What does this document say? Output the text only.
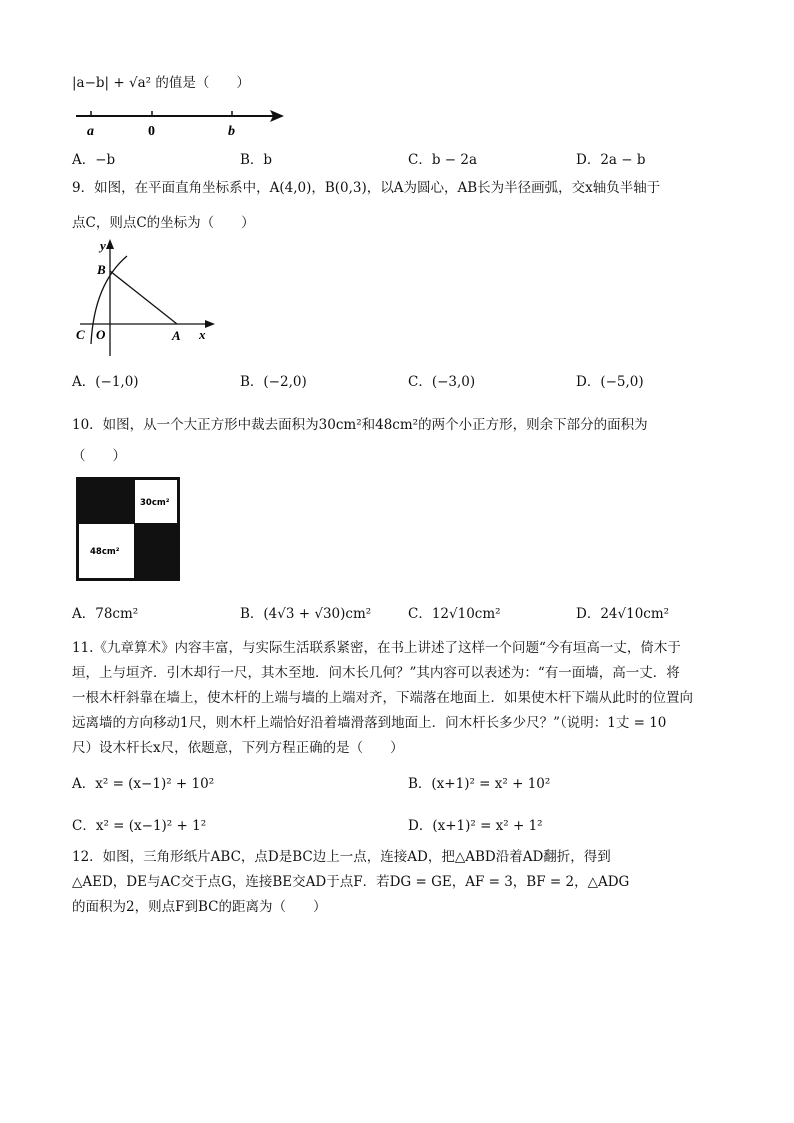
|a−b| + √a² 的值是（　　）
a	0	b
A．−b	B．b	C．b − 2a	D．2a − b
9．如图，在平面直角坐标系中，A(4,0)，B(0,3)，以A为圆心，AB长为半径画弧，交x轴负半轴于
点C，则点C的坐标为（　　）
y
B
C O	A x
A．(−1,0)	B．(−2,0)	C．(−3,0)	D．(−5,0)
10．如图，从一个大正方形中裁去面积为30cm²和48cm²的两个小正方形，则余下部分的面积为
（　　）
30cm²
48cm²
A．78cm²	B．(4√3 + √30)cm²	C．12√10cm²	D．24√10cm²
11.《九章算术》内容丰富，与实际生活联系紧密，在书上讲述了这样一个问题“今有垣高一丈，倚木于
垣，上与垣齐．引木却行一尺，其木至地．问木长几何？”其内容可以表述为：“有一面墙，高一丈．将
一根木杆斜靠在墙上，使木杆的上端与墙的上端对齐，下端落在地面上．如果使木杆下端从此时的位置向
远离墙的方向移动1尺，则木杆上端恰好沿着墙滑落到地面上．问木杆长多少尺？”（说明：1丈 = 10
尺）设木杆长x尺，依题意，下列方程正确的是（　　）
A．x² = (x−1)² + 10²	B．(x+1)² = x² + 10²
C．x² = (x−1)² + 1²	D．(x+1)² = x² + 1²
12．如图，三角形纸片ABC，点D是BC边上一点，连接AD，把△ABD沿着AD翻折，得到
△AED，DE与AC交于点G，连接BE交AD于点F．若DG = GE，AF = 3，BF = 2，△ADG
的面积为2，则点F到BC的距离为（　　）
